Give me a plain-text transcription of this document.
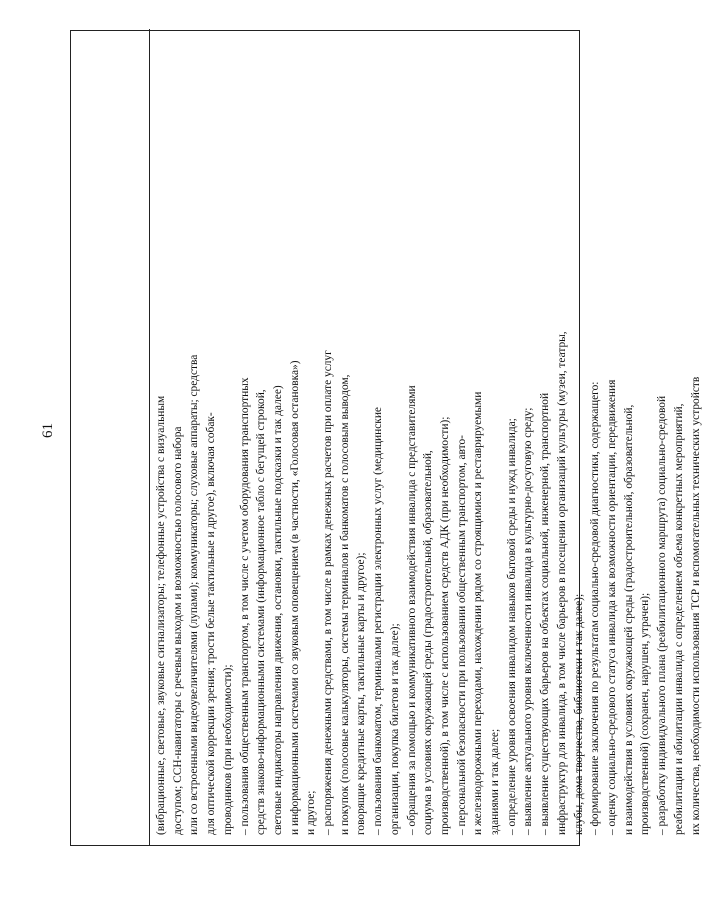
61	(вибрационные, световые, звуковые сигнализаторы; телефонные устройства с визуальным доступом; ССН-навигаторы с речевым выходом и возможностью голосового набора или со встроенными видеоувеличителями (лупами); коммуникаторы; слуховые аппараты; средства для оптической коррекции зрения; трости белые тактильные и другое), включая собак- проводников (при необходимости); – пользования общественным транспортом, в том числе с учетом оборудования транспортных средств знаково-информационными системами (информационное табло с бегущей строкой, световые индикаторы направления движения, остановки, тактильные подсказки и так далее) и информационными системами со звуковым оповещением (в частности, «Голосовая остановка») и другое; – распоряжения денежными средствами, в том числе в рамках денежных расчетов при оплате услуг и покупок (голосовые калькуляторы, системы терминалов и банкоматов с голосовым выводом, говорящие кредитные карты, тактильные карты и другое); – пользования банкоматом, терминалами регистрации электронных услуг (медицинские организации, покупка билетов и так далее); – обращения за помощью и коммуникативного взаимодействия инвалида с представителями социума в условиях окружающей среды (градостроительной, образовательной, производственной), в том числе с использованием средств АДК (при необходимости); – персональной безопасности при пользовании общественным транспортом, авто- и железнодорожными переходами, нахождении рядом со строящимися и реставрируемыми зданиями и так далее; – определение уровня освоения инвалидом навыков бытовой среды и нужд инвалида; – выявление актуального уровня включенности инвалида в культурно-досуговую среду; – выявление существующих барьеров на объектах социальной, инженерной, транспортной инфраструктур для инвалида, в том числе барьеров в посещении организаций культуры (музеи, театры, клубы, дома творчества, библиотеки и так далее); – формирование заключения по результатам социально-средовой диагностики, содержащего: – оценку социально-средового статуса инвалида как возможности ориентации, передвижения и взаимодействия в условиях окружающей среды (градостроительной, образовательной, производственной) (сохранен, нарушен, утрачен); – разработку индивидуального плана (реабилитационного маршрута) социально-средовой реабилитации и абилитации инвалида с определением объема конкретных мероприятий, их количества, необходимости использования ТСР и вспомогательных технических устройств
